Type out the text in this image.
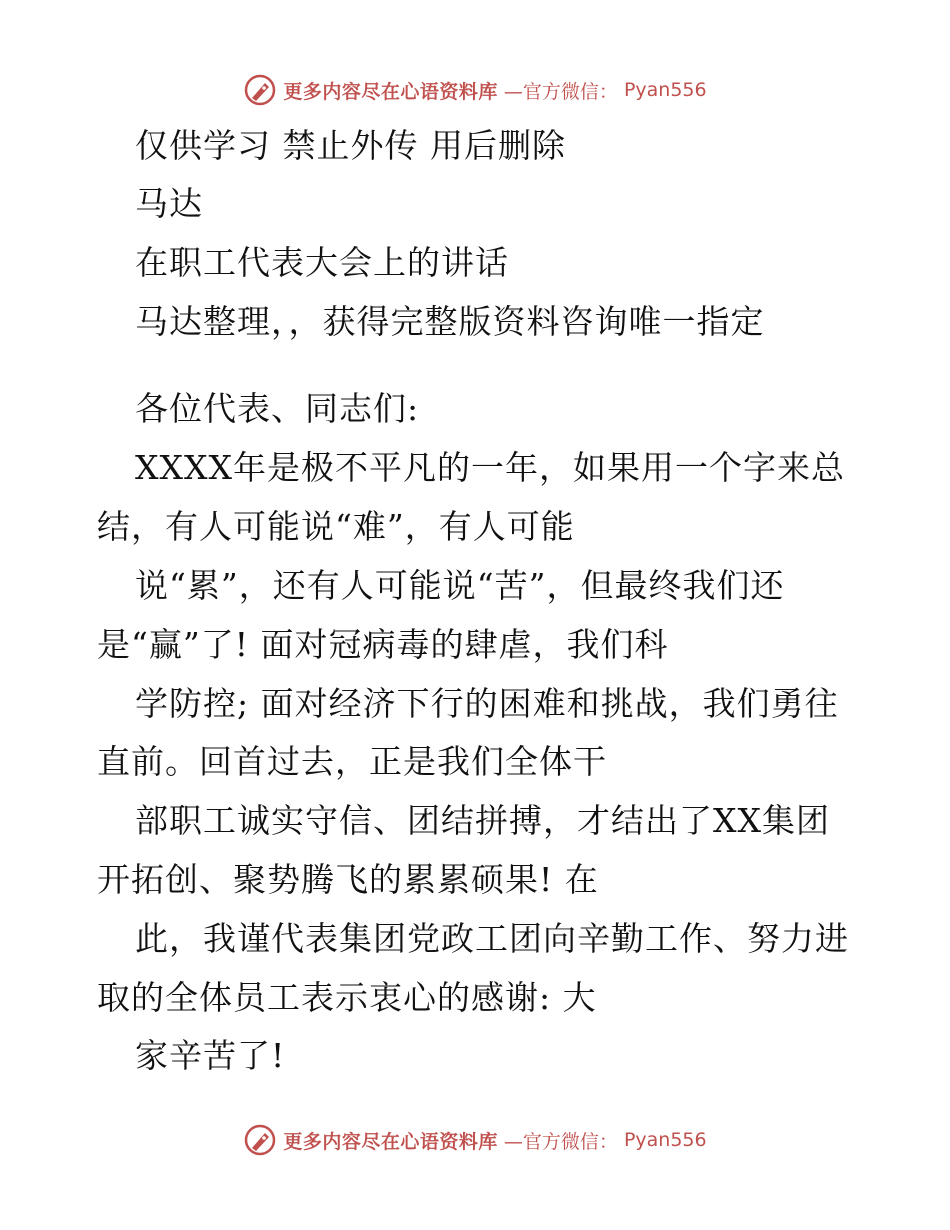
更多内容尽在心语资料库 —官方微信： Pyan556
仅供学习 禁止外传 用后删除
马达
在职工代表大会上的讲话
马达整理，，获得完整版资料咨询唯一指定
各位代表、同志们:
XXXX年是极不平凡的一年，如果用一个字来总
结，有人可能说“难”，有人可能
说“累”，还有人可能说“苦”，但最终我们还
是“赢”了! 面对冠病毒的肆虐，我们科
学防控; 面对经济下行的困难和挑战，我们勇往
直前。回首过去，正是我们全体干
部职工诚实守信、团结拼搏，才结出了XX集团
开拓创、聚势腾飞的累累硕果! 在
此，我谨代表集团党政工团向辛勤工作、努力进
取的全体员工表示衷心的感谢: 大
家辛苦了!
更多内容尽在心语资料库 —官方微信： Pyan556
